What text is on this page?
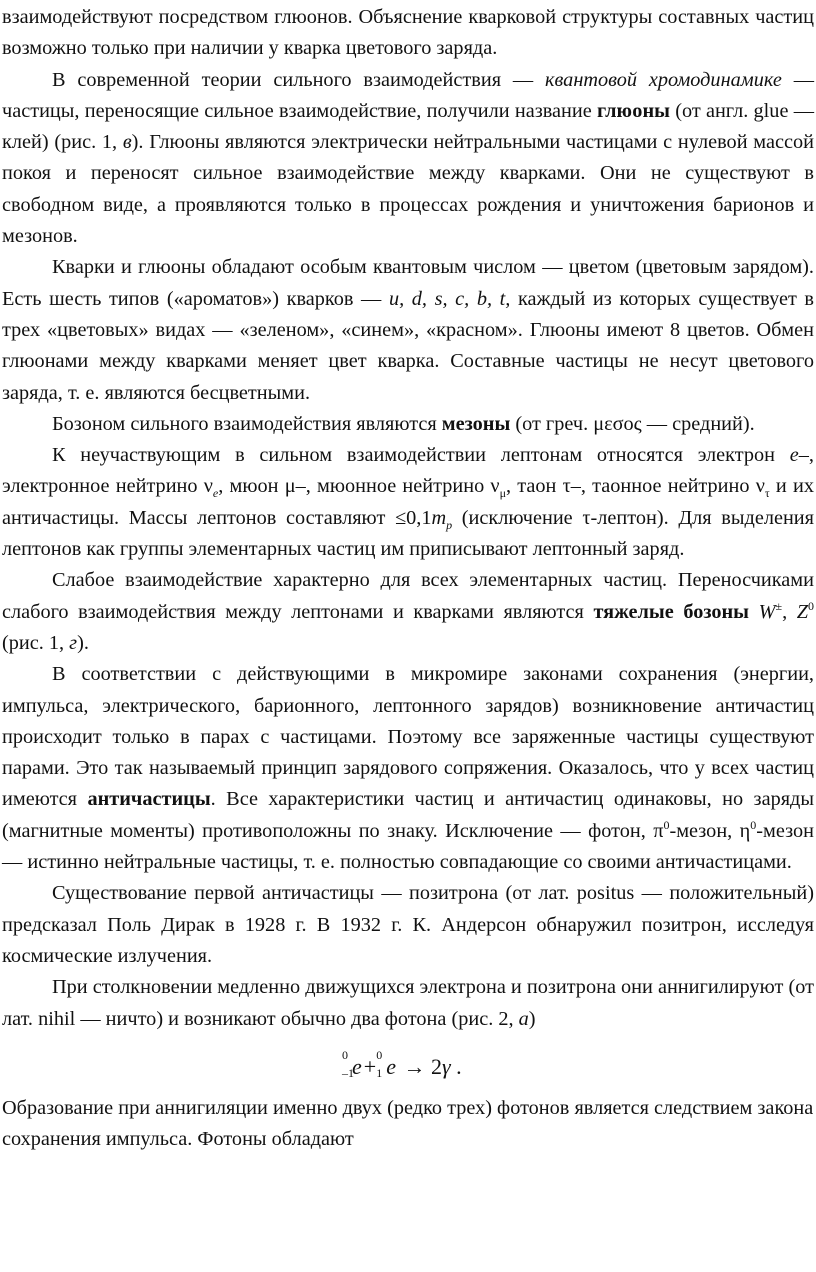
взаимодействуют посредством глюонов. Объяснение кварковой структуры составных частиц возможно только при наличии у кварка цветового заряда.

В современной теории сильного взаимодействия — квантовой хромодинамике — частицы, переносящие сильное взаимодействие, получили название глюоны (от англ. glue — клей) (рис. 1, в). Глюоны являются электрически нейтральными частицами с нулевой массой покоя и переносят сильное взаимодействие между кварками. Они не существуют в свободном виде, а проявляются только в процессах рождения и уничтожения барионов и мезонов.

Кварки и глюоны обладают особым квантовым числом — цветом (цветовым зарядом). Есть шесть типов («ароматов») кварков — u, d, s, c, b, t, каждый из которых существует в трех «цветовых» видах — «зеленом», «синем», «красном». Глюоны имеют 8 цветов. Обмен глюонами между кварками меняет цвет кварка. Составные частицы не несут цветового заряда, т. е. являются бесцветными.

Бозоном сильного взаимодействия являются мезоны (от греч. μεσος — средний).

К неучаствующим в сильном взаимодействии лептонам относятся электрон e–, электронное нейтрино $\nu_e$, мюон μ–, мюонное нейтрино $\nu_\mu$, таон τ–, таонное нейтрино $\nu_\tau$ и их античастицы. Массы лептонов составляют $\le 0,1m_p$ (исключение τ-лептон). Для выделения лептонов как группы элементарных частиц им приписывают лептонный заряд.

Слабое взаимодействие характерно для всех элементарных частиц. Переносчиками слабого взаимодействия между лептонами и кварками являются тяжелые бозоны W±, $Z^0$ (рис. 1, г).

В соответствии с действующими в микромире законами сохранения (энергии, импульса, электрического, барионного, лептонного зарядов) возникновение античастиц происходит только в парах с частицами. Поэтому все заряженные частицы существуют парами. Это так называемый принцип зарядового сопряжения. Оказалось, что у всех частиц имеются античастицы. Все характеристики частиц и античастиц одинаковы, но заряды (магнитные моменты) противоположны по знаку. Исключение — фотон, $\pi^0$-мезон, $\eta^0$-мезон — истинно нейтральные частицы, т. е. полностью совпадающие со своими античастицами.

Существование первой античастицы — позитрона (от лат. positus — положительный) предсказал Поль Дирак в 1928 г. В 1932 г. К. Андерсон обнаружил позитрон, исследуя космические излучения.

При столкновении медленно движущихся электрона и позитрона они аннигилируют (от лат. nihil — ничто) и возникают обычно два фотона (рис. 2, а)

0
–1
e+ 0
1 e → 2γ .

Образование при аннигиляции именно двух (редко трех) фотонов является следствием закона сохранения импульса. Фотоны обладают
